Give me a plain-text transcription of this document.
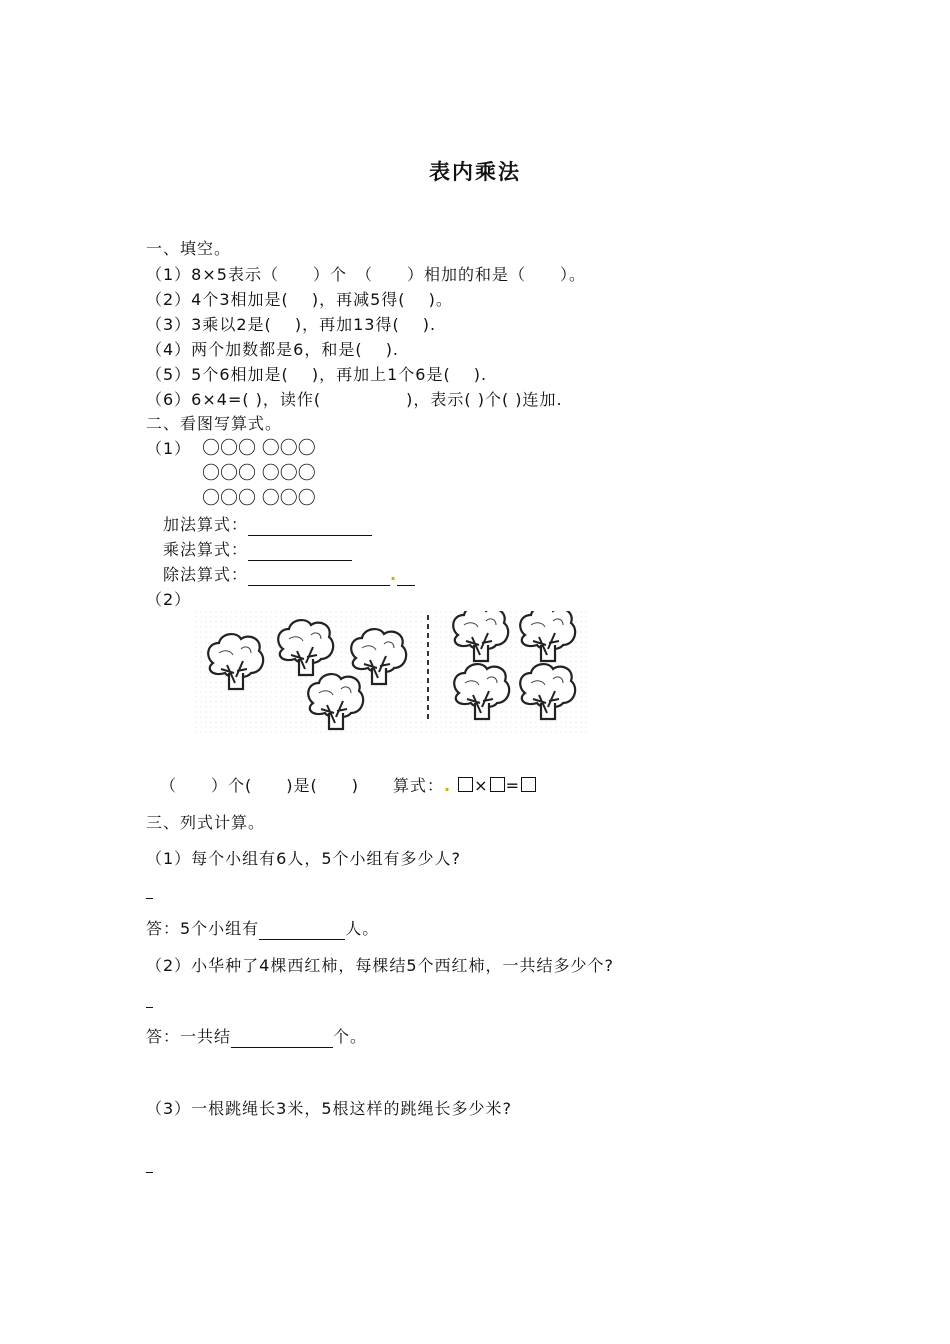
表内乘法
一、填空。
（1）8×5表示（　　）个　（　　）相加的和是（　　）。
（2）4个3相加是(　 )，再减5得(　 )。
（3）3乘以2是(　 )，再加13得(　 ).
（4）两个加数都是6，和是(　 ).
（5）5个6相加是(　 )，再加上1个6是(　 ).
（6）6×4=( )，读作(　　　　　)，表示( )个( )连加.
二、看图写算式。
（1） 〇〇〇 〇〇〇
〇〇〇 〇〇〇
〇〇〇 〇〇〇
加法算式：
乘法算式：
除法算式：	.
（2）
（　　）个(　　)是(　　)　　算式：. × =
三、列式计算。
（1）每个小组有6人，5个小组有多少人?
答：5个小组有	人。
（2）小华种了4棵西红柿，每棵结5个西红柿，一共结多少个?
答：一共结	个。
（3）一根跳绳长3米，5根这样的跳绳长多少米?
